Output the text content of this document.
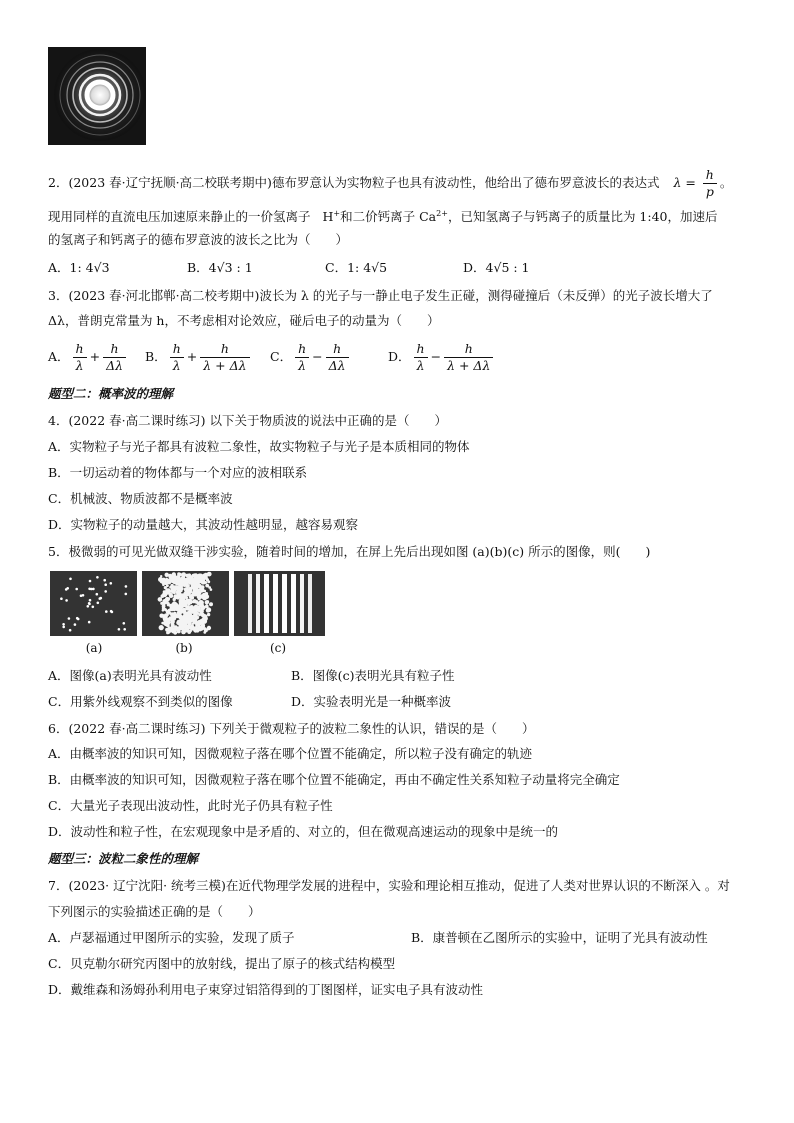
2．(2023 春·辽宁抚顺·高二校联考期中)德布罗意认为实物粒子也具有波动性，他给出了德布罗意波长的表达式 $\lambda = \frac{h}{p}$ 。
现用同样的直流电压加速原来静止的一价氢离子 H+和二价钙离子 $Ca^{2+}$，已知氢离子与钙离子的质量比为 1:40，加速后
的氢离子和钙离子的德布罗意波的波长之比为（　　）
A．1: 4√3	B．4√3 : 1	C．1: 4√5	D．4√5 : 1
3．(2023 春·河北邯郸·高二校考期中)波长为 λ 的光子与一静止电子发生正碰，测得碰撞后（未反弹）的光子波长增大了
Δλ，普朗克常量为 h，不考虑相对论效应，碰后电子的动量为（　　）
A． $\frac{h}{\lambda} + \frac{h}{\Delta\lambda}$ B． $\frac{h}{\lambda} + \frac{h}{\lambda + \Delta\lambda}$ C． $\frac{h}{\lambda} - \frac{h}{\Delta\lambda}$	D． $\frac{h}{\lambda} - \frac{h}{\lambda + \Delta\lambda}$
题型二：概率波的理解
4．(2022 春·高二课时练习) 以下关于物质波的说法中正确的是（　　）
A．实物粒子与光子都具有波粒二象性，故实物粒子与光子是本质相同的物体
B．一切运动着的物体都与一个对应的波相联系
C．机械波、物质波都不是概率波
D．实物粒子的动量越大，其波动性越明显，越容易观察
5．极微弱的可见光做双缝干涉实验，随着时间的增加，在屏上先后出现如图 (a)(b)(c) 所示的图像，则(　　)
(a)	(b)	(c)
A．图像(a)表明光具有波动性	B．图像(c)表明光具有粒子性
C．用紫外线观察不到类似的图像	D．实验表明光是一种概率波
6．(2022 春·高二课时练习) 下列关于微观粒子的波粒二象性的认识，错误的是（　　）
A．由概率波的知识可知，因微观粒子落在哪个位置不能确定，所以粒子没有确定的轨迹
B．由概率波的知识可知，因微观粒子落在哪个位置不能确定，再由不确定性关系知粒子动量将完全确定
C．大量光子表现出波动性，此时光子仍具有粒子性
D．波动性和粒子性，在宏观现象中是矛盾的、对立的，但在微观高速运动的现象中是统一的
题型三：波粒二象性的理解
7．(2023· 辽宁沈阳· 统考三模)在近代物理学发展的进程中，实验和理论相互推动，促进了人类对世界认识的不断深入 。对
下列图示的实验描述正确的是（　　）
A．卢瑟福通过甲图所示的实验，发现了质子	B．康普顿在乙图所示的实验中，证明了光具有波动性
C．贝克勒尔研究丙图中的放射线，提出了原子的核式结构模型
D．戴维森和汤姆孙利用电子束穿过铝箔得到的丁图图样，证实电子具有波动性
